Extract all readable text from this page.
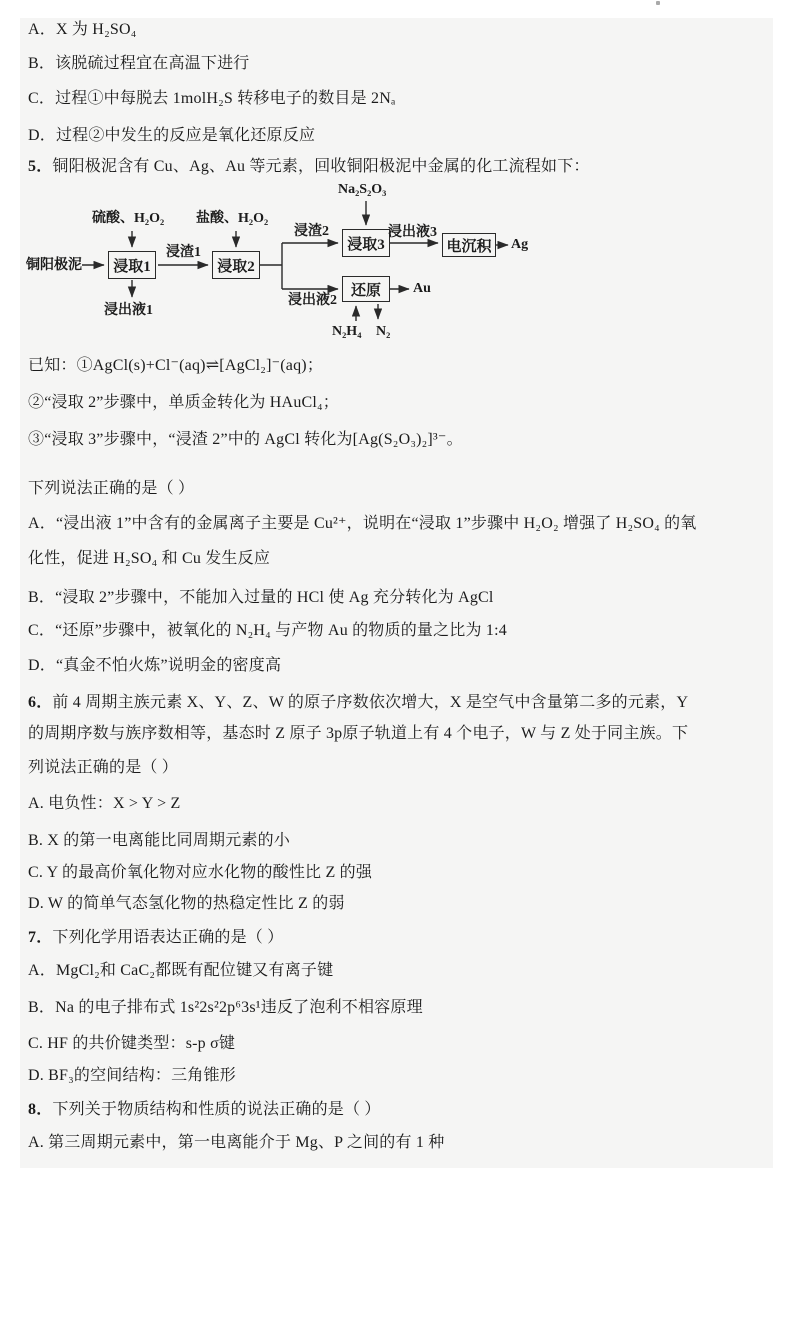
A．X 为 H₂SO₄
B．该脱硫过程宜在高温下进行
C．过程①中每脱去 1molH₂S 转移电子的数目是 2Nₐ
D．过程②中发生的反应是氧化还原反应
5．铜阳极泥含有 Cu、Ag、Au 等元素，回收铜阳极泥中金属的化工流程如下：
浸取1	浸取2
浸取3	电沉积
还原
铜阳极泥
硫酸、H₂O₂ 盐酸、H₂O₂
Na₂S₂O₃
浸渣1
浸渣2	浸出液3
浸出液1
浸出液2
Ag
Au
N₂H₄ N₂
已知：①AgCl(s)+Cl⁻(aq)⇌[AgCl₂]⁻(aq)；
②“浸取 2”步骤中，单质金转化为 HAuCl₄；
③“浸取 3”步骤中，“浸渣 2”中的 AgCl 转化为[Ag(S₂O₃)₂]³⁻。
下列说法正确的是（ ）
A．“浸出液 1”中含有的金属离子主要是 Cu²⁺，说明在“浸取 1”步骤中 H₂O₂ 增强了 H₂SO₄ 的氧
化性，促进 H₂SO₄ 和 Cu 发生反应
B．“浸取 2”步骤中，不能加入过量的 HCl 使 Ag 充分转化为 AgCl
C．“还原”步骤中，被氧化的 N₂H₄ 与产物 Au 的物质的量之比为 1:4
D．“真金不怕火炼”说明金的密度高
6．前 4 周期主族元素 X、Y、Z、W 的原子序数依次增大，X 是空气中含量第二多的元素，Y
的周期序数与族序数相等，基态时 Z 原子 3p原子轨道上有 4 个电子，W 与 Z 处于同主族。下
列说法正确的是（ ）
A. 电负性：X > Y > Z
B. X 的第一电离能比同周期元素的小
C. Y 的最高价氧化物对应水化物的酸性比 Z 的强
D. W 的简单气态氢化物的热稳定性比 Z 的弱
7．下列化学用语表达正确的是（ ）
A．MgCl₂和 CaC₂都既有配位键又有离子键
B．Na 的电子排布式 1s²2s²2p⁶3s¹违反了泡利不相容原理
C. HF 的共价键类型：s-p σ键
D. BF₃的空间结构：三角锥形
8．下列关于物质结构和性质的说法正确的是（ ）
A. 第三周期元素中，第一电离能介于 Mg、P 之间的有 1 种
